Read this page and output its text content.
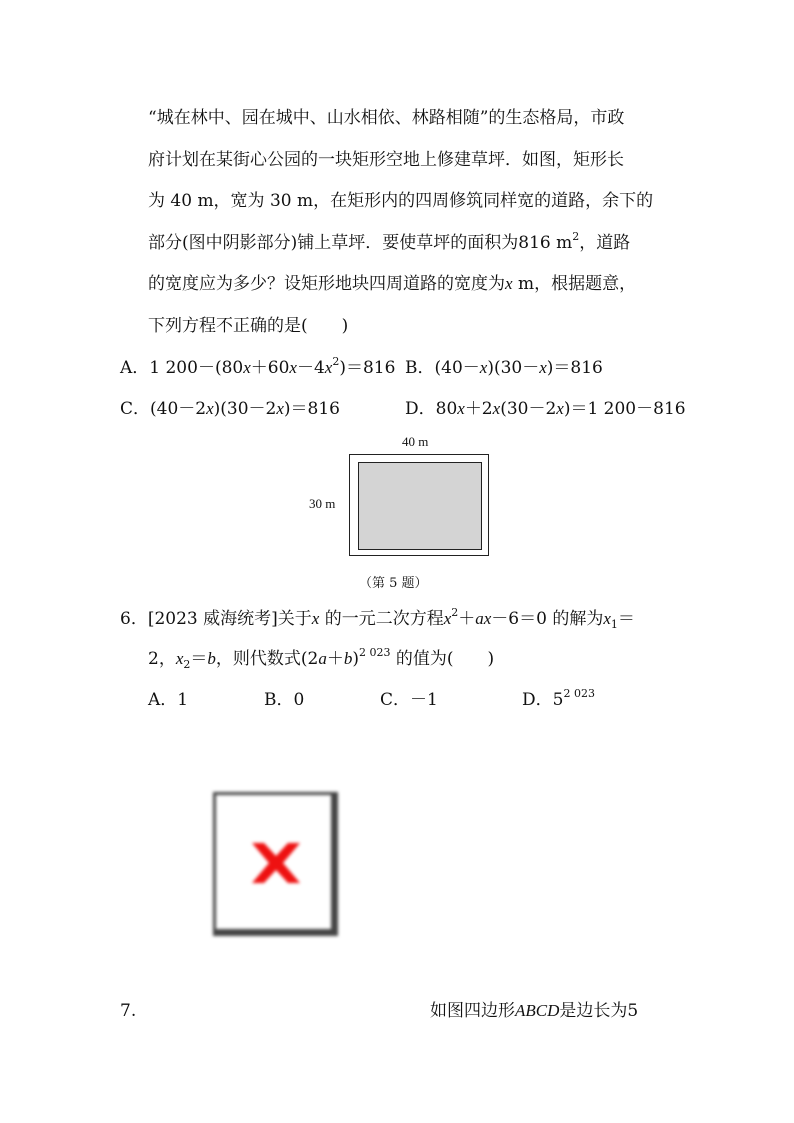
“城在林中、园在城中、山水相依、林路相随”的生态格局，市政
府计划在某街心公园的一块矩形空地上修建草坪．如图，矩形长
为 40 m，宽为 30 m，在矩形内的四周修筑同样宽的道路，余下的
部分(图中阴影部分)铺上草坪．要使草坪的面积为816 $m^2$，道路
的宽度应为多少？设矩形地块四周道路的宽度为x m，根据题意，
下列方程不正确的是(　　)
A．1 $200-(80x+60x-4x^2)=816$ B．(40－x)(30－x)＝816
C．(40－2x)(30－2x)＝816	D．80x＋2x(30－2x)＝1 200－816
40 m
30 m
（第 5 题）
6．[2023 威海统考]关于x 的一元二次方程$x^2+ax-6=0$ 的解为$x_1=$
2，$x_2=b$，则代数式$(2a+b)^{2 023}$ 的值为(　　)
A．1	B．0	C．－1	D．$5^{2 023}$
7.	如图四边形ABCD是边长为5
